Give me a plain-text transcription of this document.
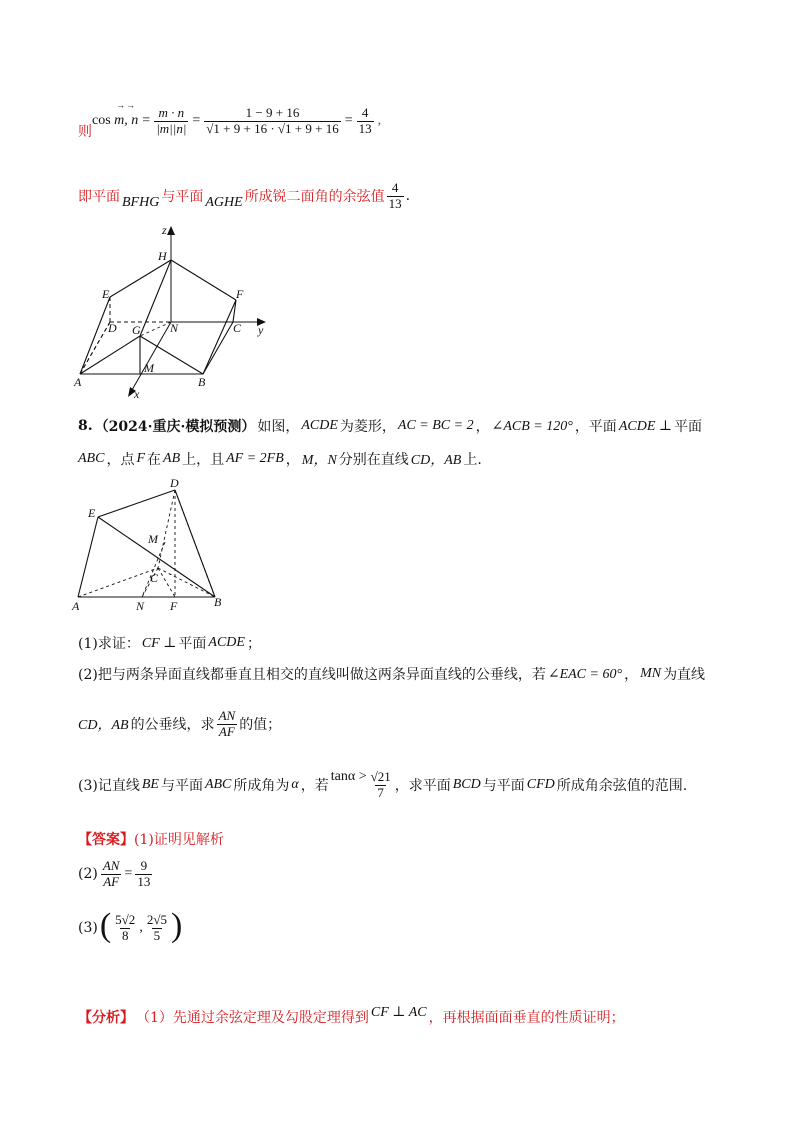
则
→→
cos m, $n = \frac{m \cdot n}{|m||n|} = \frac{1 - 9 + 16}{√1 + 9 + 16 \cdot √1 + 9 + 16} = \frac{4}{13}$ ,
即平面 BFHG 与平面 AGHE 所成锐二面角的余弦值 $\frac{4}{13}$ .
z
H
E	F
D	N	C y
G
A
M
B
x
8. （2024·重庆·模拟预测） 如图， ACDE 为菱形， AC = BC = 2 ， ∠ACB = 120° ，平面 ACDE ⊥ 平面
ABC ，点 F 在 AB 上，且 AF = 2FB ， M，N 分别在直线 CD，AB 上.
D
E
M
C
A	N F	B
(1)求证： CF ⊥ 平面 ACDE ；
(2)把与两条异面直线都垂直且相交的直线叫做这两条异面直线的公垂线，若 ∠EAC = 60° ， MN 为直线
CD，AB 的公垂线，求 $\frac{AN}{AF}$ 的值；
(3)记直线 BE 与平面 ABC 所成角为 α ，若
$\tan\alpha > \frac{√21}{7}$ ，求平面 BCD 与平面 CFD 所成角余弦值的范围.
【答案】 (1)证明见解析
$(2) \frac{AN}{AF} = \frac{9}{13}$
(3) ( $\frac{5√2}{8}$ , $\frac{2√5}{5}$ )
【分析】 （1）先通过余弦定理及勾股定理得到 CF ⊥ AC ，再根据面面垂直的性质证明；
